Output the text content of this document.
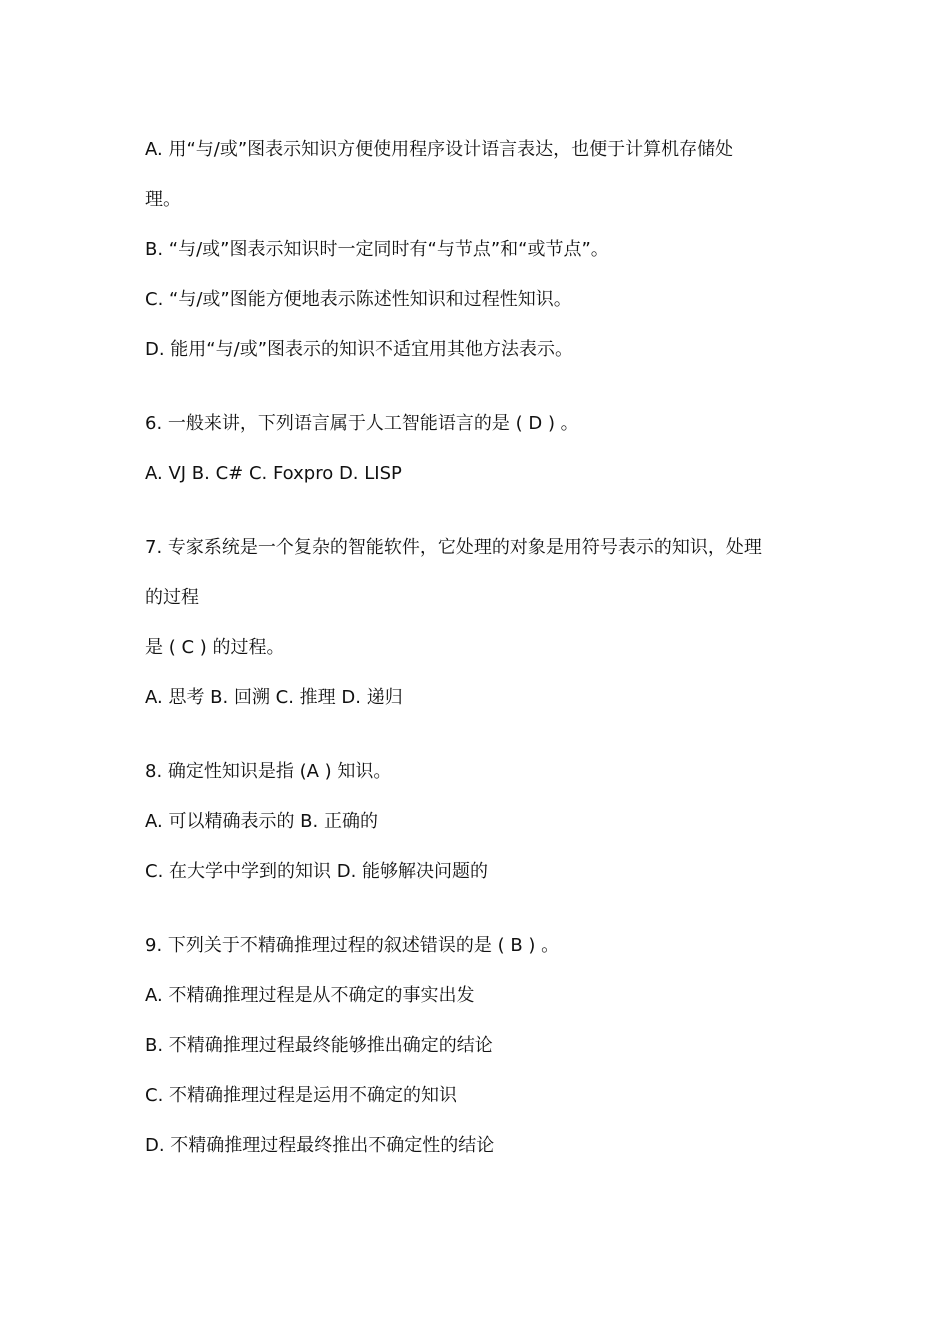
A. 用“与/或”图表示知识方便使用程序设计语言表达，也便于计算机存储处
理。
B. “与/或”图表示知识时一定同时有“与节点”和“或节点”。
C. “与/或”图能方便地表示陈述性知识和过程性知识。
D. 能用“与/或”图表示的知识不适宜用其他方法表示。
6. 一般来讲，下列语言属于人工智能语言的是 ( D ) 。
A. VJ B. C# C. Foxpro D. LISP
7. 专家系统是一个复杂的智能软件，它处理的对象是用符号表示的知识，处理
的过程
是 ( C ) 的过程。
A. 思考 B. 回溯 C. 推理 D. 递归
8. 确定性知识是指 (A ) 知识。
A. 可以精确表示的 B. 正确的
C. 在大学中学到的知识 D. 能够解决问题的
9. 下列关于不精确推理过程的叙述错误的是 ( B ) 。
A. 不精确推理过程是从不确定的事实出发
B. 不精确推理过程最终能够推出确定的结论
C. 不精确推理过程是运用不确定的知识
D. 不精确推理过程最终推出不确定性的结论
